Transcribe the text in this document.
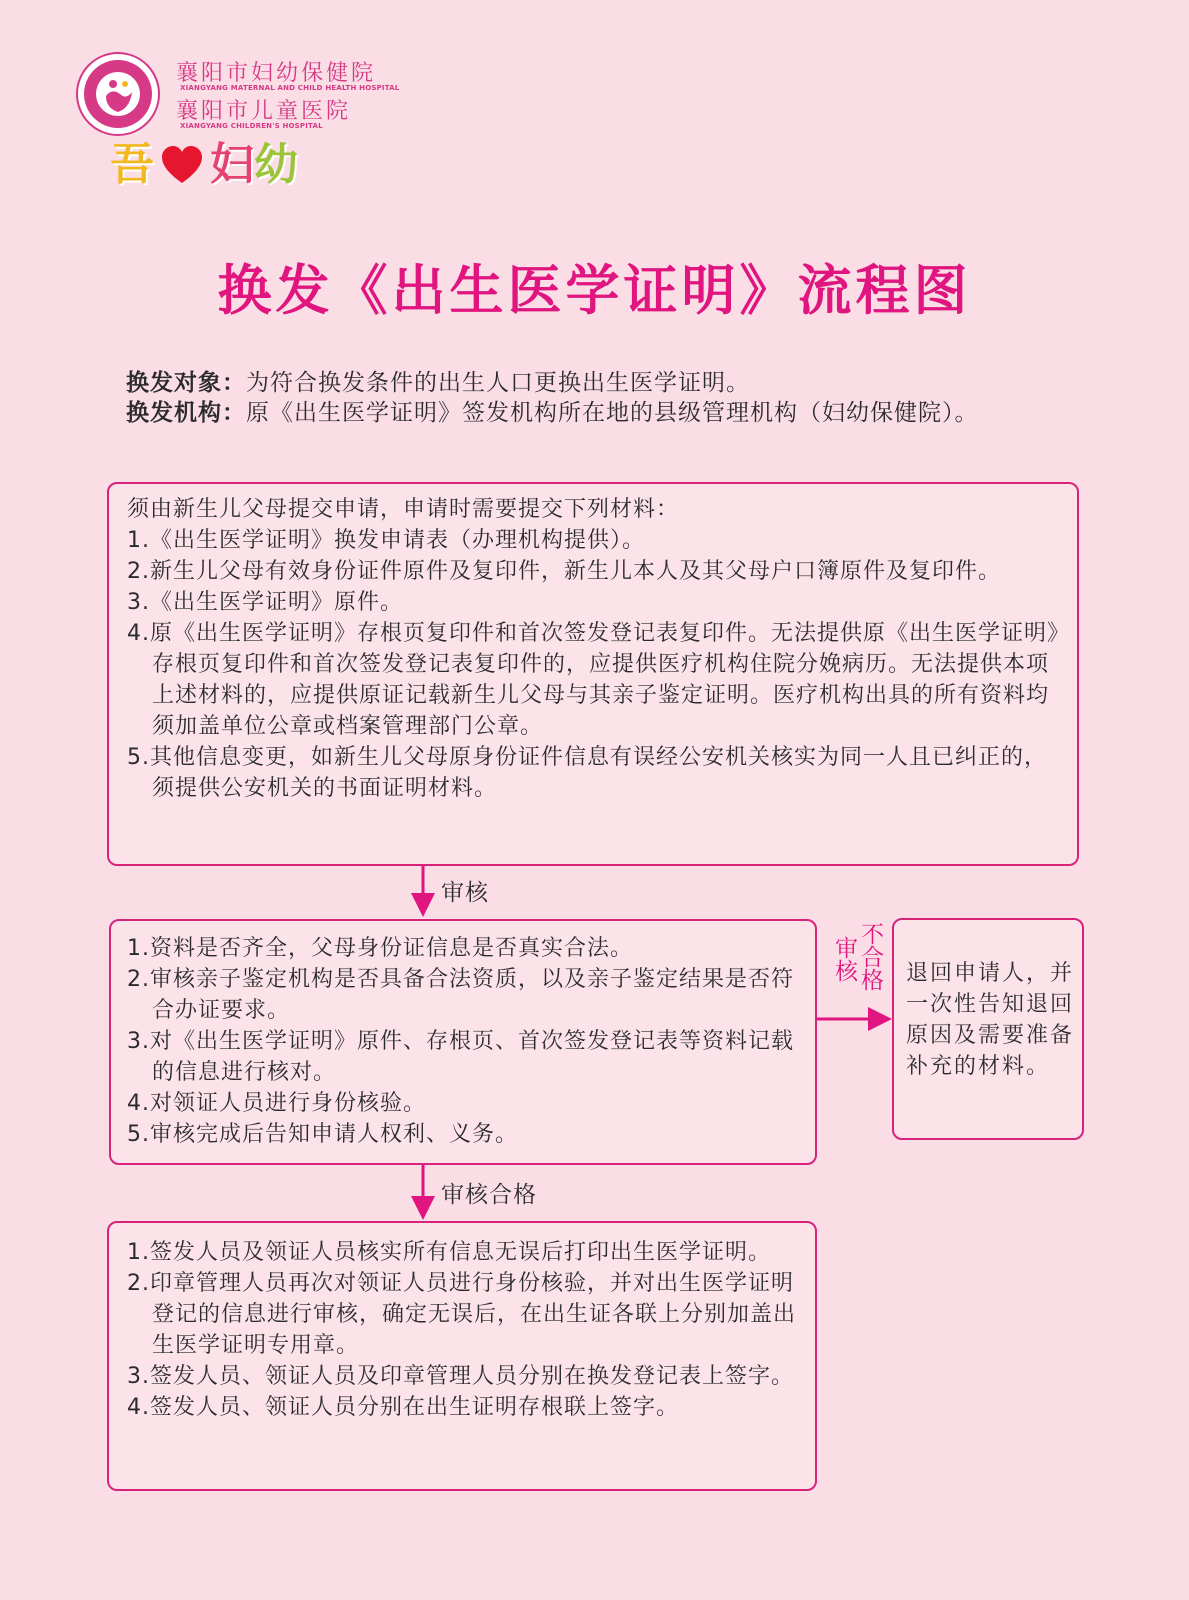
襄阳市妇幼保健院
XIANGYANG MATERNAL AND CHILD HEALTH HOSPITAL
襄阳市儿童医院
XIANGYANG CHILDREN'S HOSPITAL
吾 妇幼
换发《出生医学证明》流程图
换发对象：为符合换发条件的出生人口更换出生医学证明。
换发机构：原《出生医学证明》签发机构所在地的县级管理机构（妇幼保健院）。
须由新生儿父母提交申请，申请时需要提交下列材料：
1.《出生医学证明》换发申请表（办理机构提供）。
2.新生儿父母有效身份证件原件及复印件，新生儿本人及其父母户口簿原件及复印件。
3.《出生医学证明》原件。
4.原《出生医学证明》存根页复印件和首次签发登记表复印件。无法提供原《出生医学证明》存根页复印件和首次签发登记表复印件的，应提供医疗机构住院分娩病历。无法提供本项上述材料的，应提供原证记载新生儿父母与其亲子鉴定证明。医疗机构出具的所有资料均须加盖单位公章或档案管理部门公章。
5.其他信息变更，如新生儿父母原身份证件信息有误经公安机关核实为同一人且已纠正的，须提供公安机关的书面证明材料。
审核
审核合格
审核 不合格
1.资料是否齐全，父母身份证信息是否真实合法。
2.审核亲子鉴定机构是否具备合法资质，以及亲子鉴定结果是否符合办证要求。
3.对《出生医学证明》原件、存根页、首次签发登记表等资料记载的信息进行核对。
4.对领证人员进行身份核验。
5.审核完成后告知申请人权利、义务。
退回申请人，并一次性告知退回原因及需要准备补充的材料。
1.签发人员及领证人员核实所有信息无误后打印出生医学证明。
2.印章管理人员再次对领证人员进行身份核验，并对出生医学证明登记的信息进行审核，确定无误后，在出生证各联上分别加盖出生医学证明专用章。
3.签发人员、领证人员及印章管理人员分别在换发登记表上签字。
4.签发人员、领证人员分别在出生证明存根联上签字。
